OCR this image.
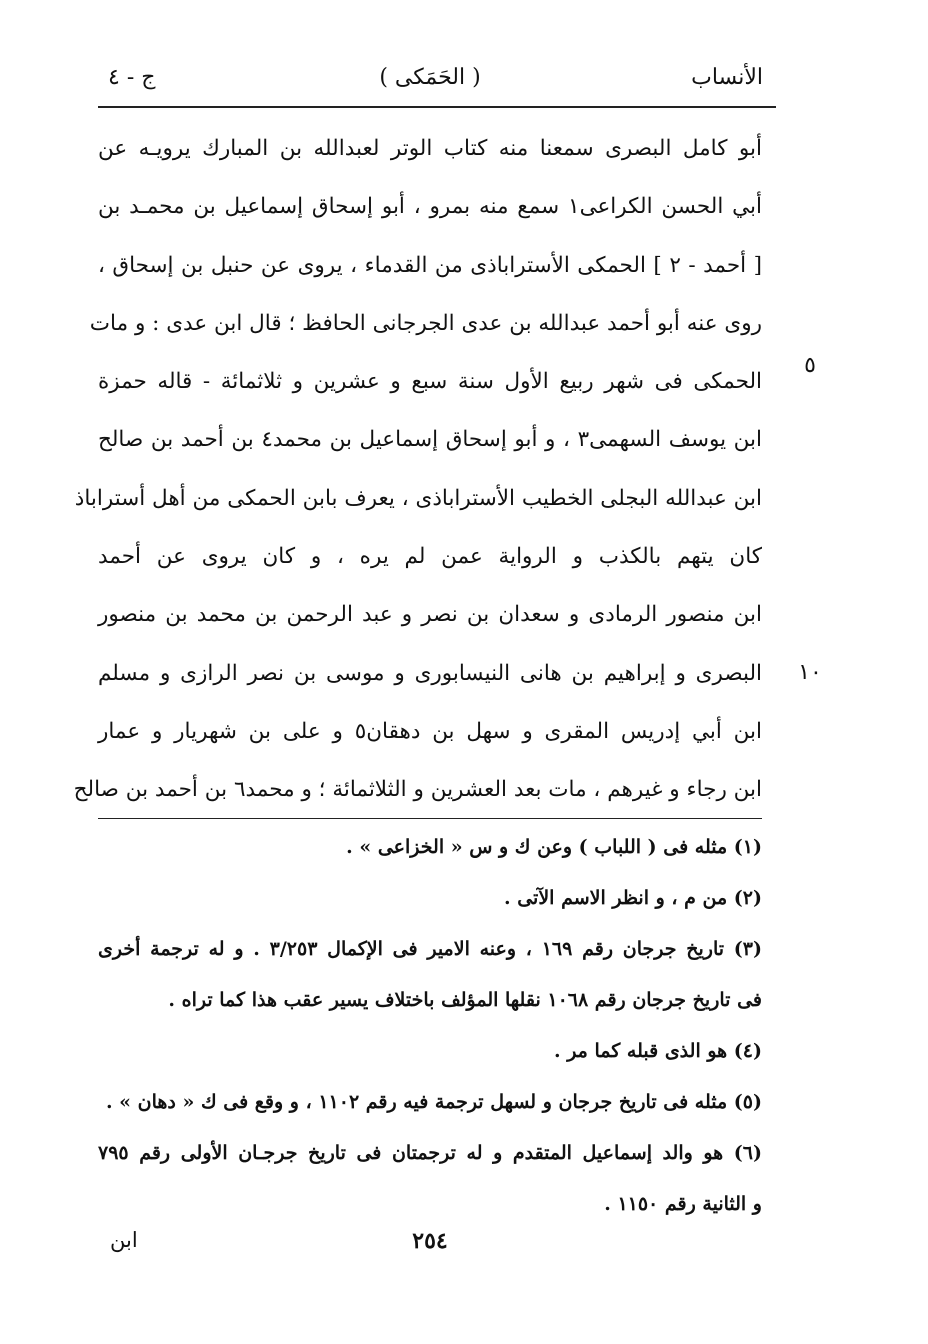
الأنساب
( الحَمَكى )
ج - ٤
أبو كامل البصرى سمعنا منه كتاب الوتر لعبدالله بن المبارك يرويـه عن
أبي الحسن الكراعى١ سمع منه بمرو ، أبو إسحاق إسماعيل بن محمـد بن
[ أحمد - ٢ ] الحمكى الأستراباذى من القدماء ، يروى عن حنبل بن إسحاق ،
روى عنه أبو أحمد عبدالله بن عدى الجرجانى الحافظ ؛ قال ابن عدى : و مات
الحمكى فى شهر ربيع الأول سنة سبع و عشرين و ثلاثمائة - قاله حمزة
ابن يوسف السهمى٣ ، و أبو إسحاق إسماعيل بن محمد٤ بن أحمد بن صالح
ابن عبدالله البجلى الخطيب الأستراباذى ، يعرف بابن الحمكى من أهل أستراباذ
كان يتهم بالكذب و الرواية عمن لم يره ، و كان يروى عن أحمد
ابن منصور الرمادى و سعدان بن نصر و عبد الرحمن بن محمد بن منصور
البصرى و إبراهيم بن هانى النيسابورى و موسى بن نصر الرازى و مسلم
ابن أبي إدريس المقرى و سهل بن دهقان٥ و على بن شهريار و عمار
ابن رجاء و غيرهم ، مات بعد العشرين و الثلاثمائة ؛ و محمد٦ بن أحمد بن صالح
٥
١٠
(١) مثله فى ( اللباب ) وعن ك و س « الخزاعى » .
(٢) من م ، و انظر الاسم الآتى .
(٣) تاريخ جرجان رقم ١٦٩ ، وعنه الامير فى الإكمال ٣/٢٥٣ . و له ترجمة أخرى
فى تاريخ جرجان رقم ١٠٦٨ نقلها المؤلف باختلاف يسير عقب هذا كما تراه .
(٤) هو الذى قبله كما مر .
(٥) مثله فى تاريخ جرجان و لسهل ترجمة فيه رقم ١١٠٢ ، و وقع فى ك « دهان » .
(٦) هو والد إسماعيل المتقدم و له ترجمتان فى تاريخ جرجـان الأولى رقم ٧٩٥
و الثانية رقم ١١٥٠ .
٢٥٤
ابن
